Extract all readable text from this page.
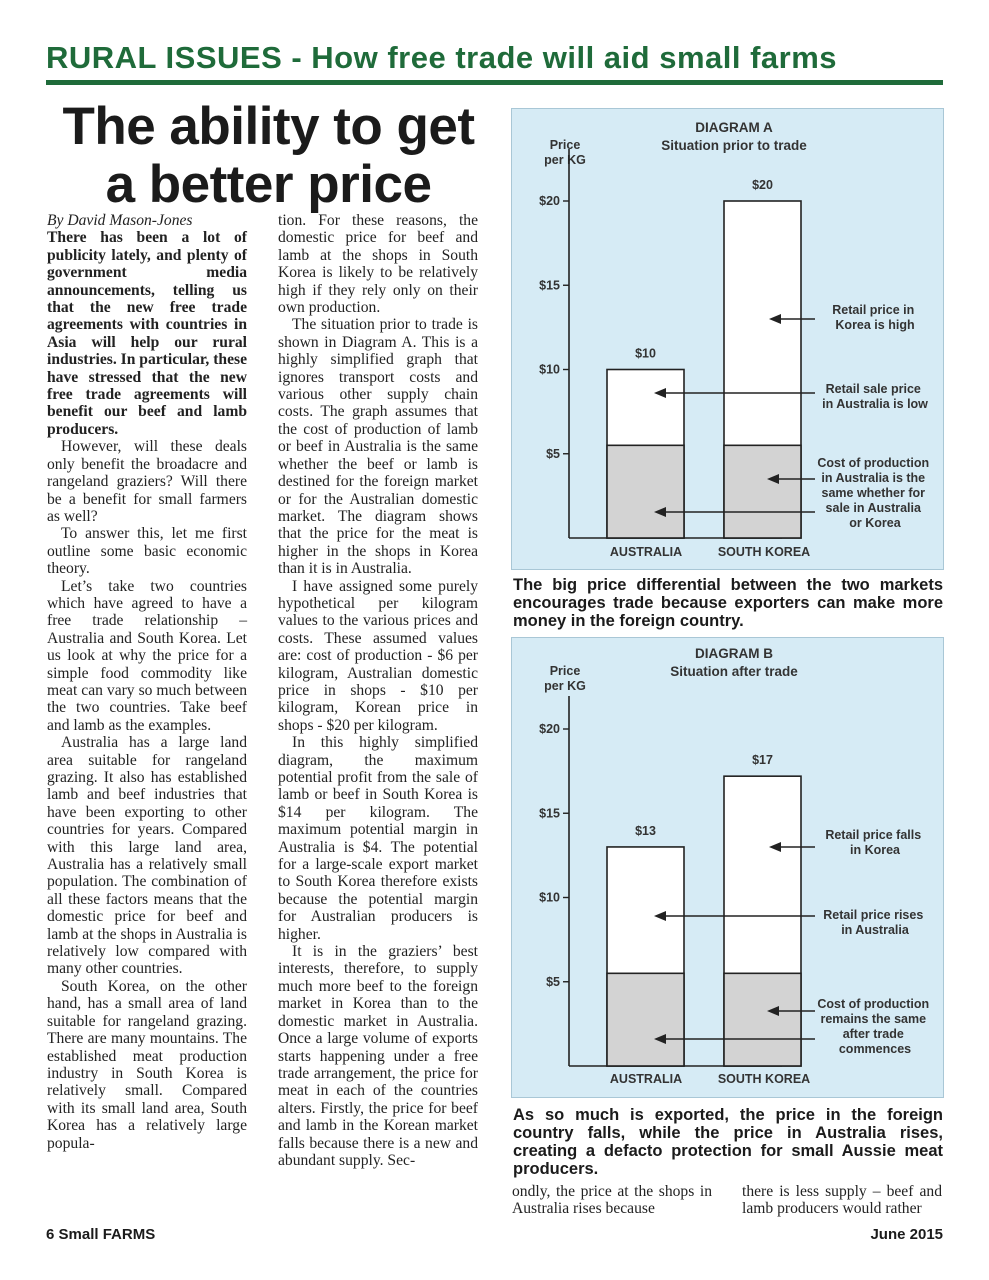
RURAL ISSUES - How free trade will aid small farms
The ability to get
a better price

By David Mason-Jones

There has been a lot of publicity lately, and plenty of government media announcements, telling us that the new free trade agreements with countries in Asia will help our rural industries. In particular, these have stressed that the new free trade agreements will benefit our beef and lamb producers.

However, will these deals only benefit the broadacre and rangeland graziers? Will there be a benefit for small farmers as well?

To answer this, let me first outline some basic economic theory.

Let’s take two countries which have agreed to have a free trade relationship – Australia and South Korea. Let us look at why the price for a simple food commodity like meat can vary so much between the two countries. Take beef and lamb as the examples.

Australia has a large land area suitable for rangeland grazing. It also has established lamb and beef industries that have been exporting to other countries for years. Compared with this large land area, Australia has a relatively small population. The combination of all these factors means that the domestic price for beef and lamb at the shops in Australia is relatively low compared with many other countries.

South Korea, on the other hand, has a small area of land suitable for rangeland grazing. There are many mountains. The established meat production industry in South Korea is relatively small. Compared with its small land area, South Korea has a relatively large popula-

tion. For these reasons, the domestic price for beef and lamb at the shops in South Korea is likely to be relatively high if they rely only on their own production.

The situation prior to trade is shown in Diagram A. This is a highly simplified graph that ignores transport costs and various other supply chain costs. The graph assumes that the cost of production of lamb or beef in Australia is the same whether the beef or lamb is destined for the foreign market or for the Australian domestic market. The diagram shows that the price for the meat is higher in the shops in Korea than it is in Australia.

I have assigned some purely hypothetical per kilogram values to the various prices and costs. These assumed values are: cost of production - $6 per kilogram, Australian domestic price in shops - $10 per kilogram, Korean price in shops - $20 per kilogram.

In this highly simplified diagram, the maximum potential profit from the sale of lamb or beef in South Korea is $14 per kilogram. The maximum potential margin in Australia is $4. The potential for a large-scale export market to South Korea therefore exists because the potential margin for Australian producers is higher.

It is in the graziers’ best interests, therefore, to supply much more beef to the foreign market in Korea than to the domestic market in Australia. Once a large volume of exports starts happening under a free trade arrangement, the price for meat in each of the countries alters. Firstly, the price for beef and lamb in the Korean market falls because there is a new and abundant supply. Sec-

DIAGRAM A
Situation prior to trade
Price
per KG
$20
$15
$10
$5
$10
$20
AUSTRALIA	SOUTH KOREA
Retail price in Korea is high
Retail sale price in Australia is low
Cost of production in Australia is the same whether for sale in Australia or Korea
The big price differential between the two markets encourages trade because exporters can make more money in the foreign country.
DIAGRAM B
Situation after trade
Price
per KG
$20
$15
$10
$5
$13
$17
AUSTRALIA	SOUTH KOREA
Retail price falls in Korea
Retail price rises in Australia
Cost of production remains the same after trade commences
As so much is exported, the price in the foreign country falls, while the price in Australia rises, creating a defacto protection for small Aussie meat producers.

ondly, the price at the shops in Australia rises because

there is less supply – beef and lamb producers would rather

6 Small FARMS	June 2015
